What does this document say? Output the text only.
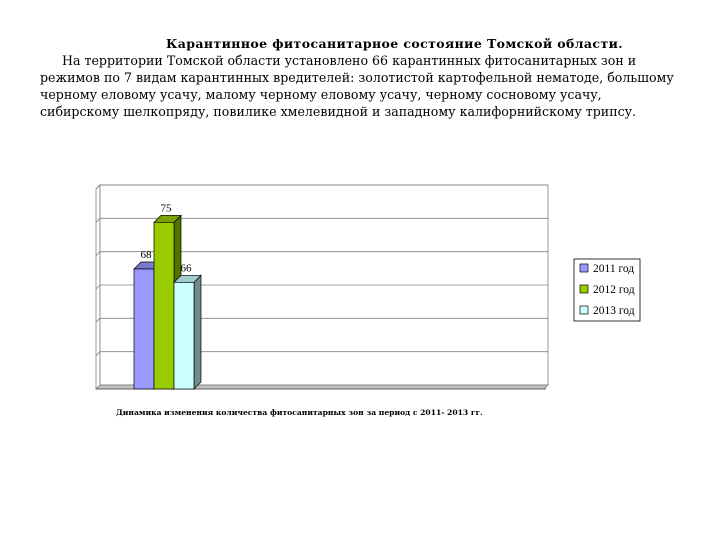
Карантинное фитосанитарное состояние Томской области.

На территории Томской области установлено 66 карантинных фитосанитарных зон и режимов по 7 видам карантинных вредителей: золотистой картофельной нематоде, большому черному еловому усачу, малому черному еловому усачу, черному сосновому усачу, сибирскому шелкопряду, повилике хмелевидной и западному калифорнийскому трипсу.

68
75
66	2011 год
2012 год
2013 год
Динамика изменения количества фитосанитарных зон за период с 2011- 2013 гг.
